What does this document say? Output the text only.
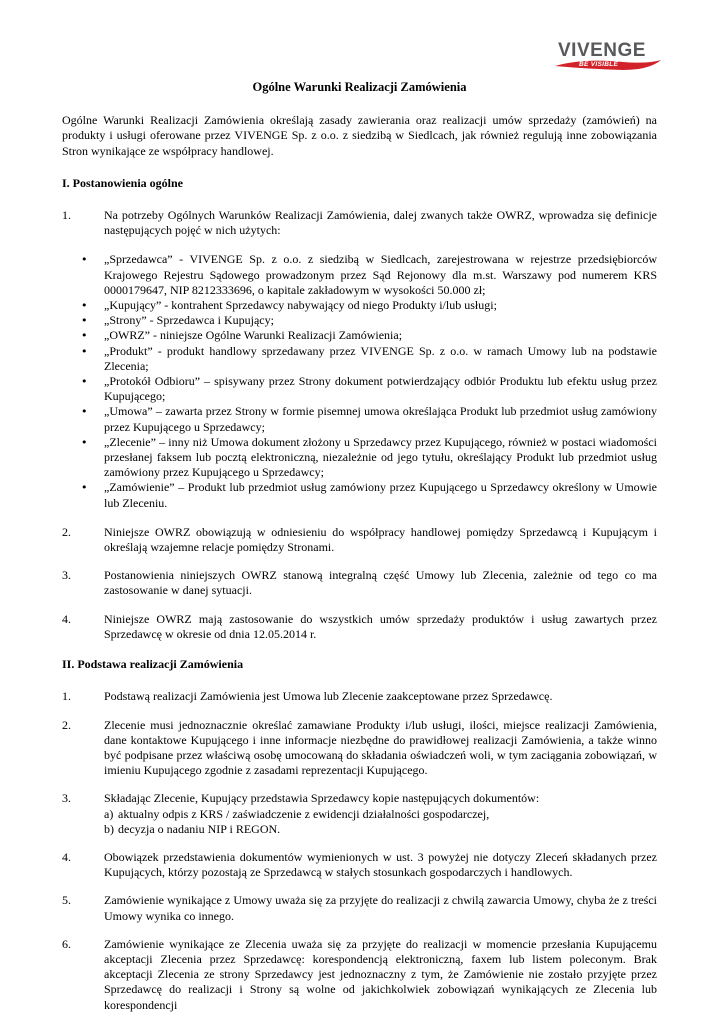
VIVENGE
BE VISIBLE
Ogólne Warunki Realizacji Zamówienia

Ogólne Warunki Realizacji Zamówienia określają zasady zawierania oraz realizacji umów sprzedaży (zamówień) na produkty i usługi oferowane przez VIVENGE Sp. z o.o. z siedzibą w Siedlcach, jak również regulują inne zobowiązania Stron wynikające ze współpracy handlowej.

I. Postanowienia ogólne
1.	Na potrzeby Ogólnych Warunków Realizacji Zamówienia, dalej zwanych także OWRZ, wprowadza się definicje następujących pojęć w nich użytych:
• „Sprzedawca” - VIVENGE Sp. z o.o. z siedzibą w Siedlcach, zarejestrowana w rejestrze przedsiębiorców Krajowego Rejestru Sądowego prowadzonym przez Sąd Rejonowy dla m.st. Warszawy pod numerem KRS 0000179647, NIP 8212333696, o kapitale zakładowym w wysokości 50.000 zł;
• „Kupujący” - kontrahent Sprzedawcy nabywający od niego Produkty i/lub usługi;
• „Strony” - Sprzedawca i Kupujący;
• „OWRZ” - niniejsze Ogólne Warunki Realizacji Zamówienia;
• „Produkt” - produkt handlowy sprzedawany przez VIVENGE Sp. z o.o. w ramach Umowy lub na podstawie Zlecenia;
• „Protokół Odbioru” – spisywany przez Strony dokument potwierdzający odbiór Produktu lub efektu usług przez Kupującego;
• „Umowa” – zawarta przez Strony w formie pisemnej umowa określająca Produkt lub przedmiot usług zamówiony przez Kupującego u Sprzedawcy;
• „Zlecenie” – inny niż Umowa dokument złożony u Sprzedawcy przez Kupującego, również w postaci wiadomości przesłanej faksem lub pocztą elektroniczną, niezależnie od jego tytułu, określający Produkt lub przedmiot usług zamówiony przez Kupującego u Sprzedawcy;
• „Zamówienie” – Produkt lub przedmiot usług zamówiony przez Kupującego u Sprzedawcy określony w Umowie lub Zleceniu.
2.	Niniejsze OWRZ obowiązują w odniesieniu do współpracy handlowej pomiędzy Sprzedawcą i Kupującym i określają wzajemne relacje pomiędzy Stronami.
3.	Postanowienia niniejszych OWRZ stanową integralną część Umowy lub Zlecenia, zależnie od tego co ma zastosowanie w danej sytuacji.
4.	Niniejsze OWRZ mają zastosowanie do wszystkich umów sprzedaży produktów i usług zawartych przez Sprzedawcę w okresie od dnia 12.05.2014 r.
II. Podstawa realizacji Zamówienia
1.	Podstawą realizacji Zamówienia jest Umowa lub Zlecenie zaakceptowane przez Sprzedawcę.
2.	Zlecenie musi jednoznacznie określać zamawiane Produkty i/lub usługi, ilości, miejsce realizacji Zamówienia, dane kontaktowe Kupującego i inne informacje niezbędne do prawidłowej realizacji Zamówienia, a także winno być podpisane przez właściwą osobę umocowaną do składania oświadczeń woli, w tym zaciągania zobowiązań, w imieniu Kupującego zgodnie z zasadami reprezentacji Kupującego.
3.	Składając Zlecenie, Kupujący przedstawia Sprzedawcy kopie następujących dokumentów:
a) aktualny odpis z KRS / zaświadczenie z ewidencji działalności gospodarczej,
b) decyzja o nadaniu NIP i REGON.
4.	Obowiązek przedstawienia dokumentów wymienionych w ust. 3 powyżej nie dotyczy Zleceń składanych przez Kupujących, którzy pozostają ze Sprzedawcą w stałych stosunkach gospodarczych i handlowych.
5.	Zamówienie wynikające z Umowy uważa się za przyjęte do realizacji z chwilą zawarcia Umowy, chyba że z treści Umowy wynika co innego.
6.	Zamówienie wynikające ze Zlecenia uważa się za przyjęte do realizacji w momencie przesłania Kupującemu akceptacji Zlecenia przez Sprzedawcę: korespondencją elektroniczną, faxem lub listem poleconym. Brak akceptacji Zlecenia ze strony Sprzedawcy jest jednoznaczny z tym, że Zamówienie nie zostało przyjęte przez Sprzedawcę do realizacji i Strony są wolne od jakichkolwiek zobowiązań wynikających ze Zlecenia lub korespondencji
